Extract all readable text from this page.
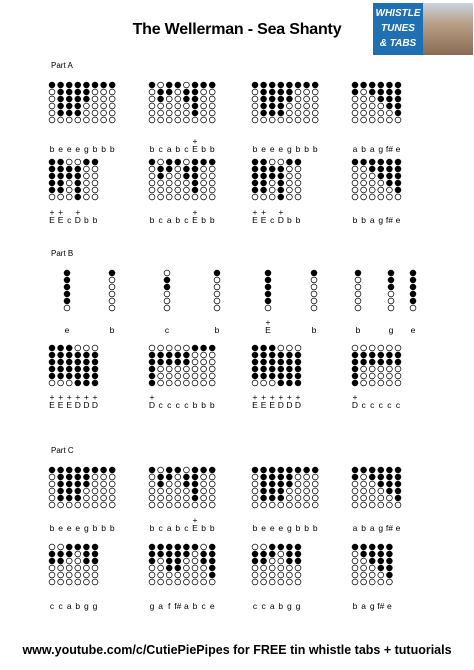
The Wellerman - Sea Shanty
WHISTLE
TUNES
& TABS
Part A
Part B
Part C
b e e e g b b b	b c a b c E
+
b b	b e e e g b b b	a b a g f# e
E
+
E
+
c D
+
b b	b c a b c E
+
b b	E
+
E
+
c D
+
b b	b b a g f# e
e	b	c	b	E
+
b	b	g e
E
+
E
+
E
+
D
+
D
+
D
+
D
+
c c c c b b b	E
+
E
+
E
+
D
+
D
+
D
+
D
+
c c c c c
b e e e g b b b	b c a b c E
+
b b	b e e e g b b b	a b a g f# e
c c a b g g	g a f f# a b c e	c c a b g g	b a g f# e
www.youtube.com/c/CutiePiePipes for FREE tin whistle tabs + tutuorials
